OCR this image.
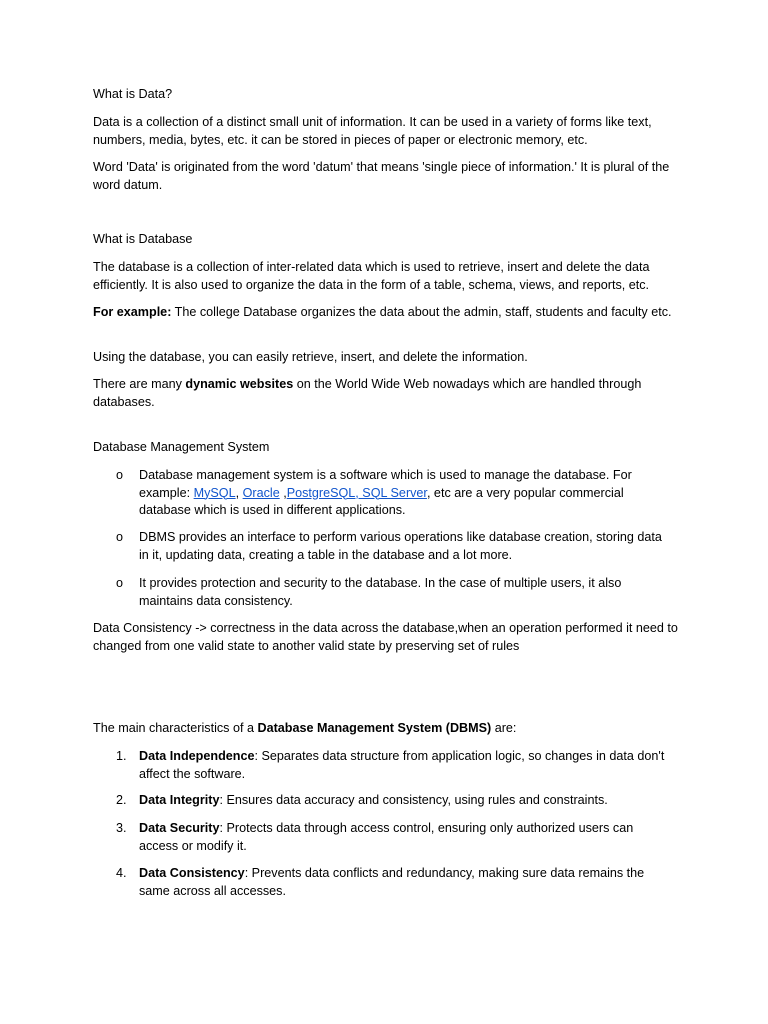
What is Data?

Data is a collection of a distinct small unit of information. It can be used in a variety of forms like text, numbers, media, bytes, etc. it can be stored in pieces of paper or electronic memory, etc.

Word 'Data' is originated from the word 'datum' that means 'single piece of information.' It is plural of the word datum.

What is Database

The database is a collection of inter-related data which is used to retrieve, insert and delete the data efficiently. It is also used to organize the data in the form of a table, schema, views, and reports, etc.

For example: The college Database organizes the data about the admin, staff, students and faculty etc.

Using the database, you can easily retrieve, insert, and delete the information.

There are many dynamic websites on the World Wide Web nowadays which are handled through databases.

Database Management System

o	Database management system is a software which is used to manage the database. For example: MySQL, Oracle ,PostgreSQL, SQL Server, etc are a very popular commercial database which is used in different applications.

o	DBMS provides an interface to perform various operations like database creation, storing data in it, updating data, creating a table in the database and a lot more.

o	It provides protection and security to the database. In the case of multiple users, it also maintains data consistency.

Data Consistency -> correctness in the data across the database,when an operation performed it need to changed from one valid state to another valid state by preserving set of rules

The main characteristics of a Database Management System (DBMS) are:

1. Data Independence: Separates data structure from application logic, so changes in data don't affect the software.

2. Data Integrity: Ensures data accuracy and consistency, using rules and constraints.

3. Data Security: Protects data through access control, ensuring only authorized users can access or modify it.

4. Data Consistency: Prevents data conflicts and redundancy, making sure data remains the same across all accesses.
